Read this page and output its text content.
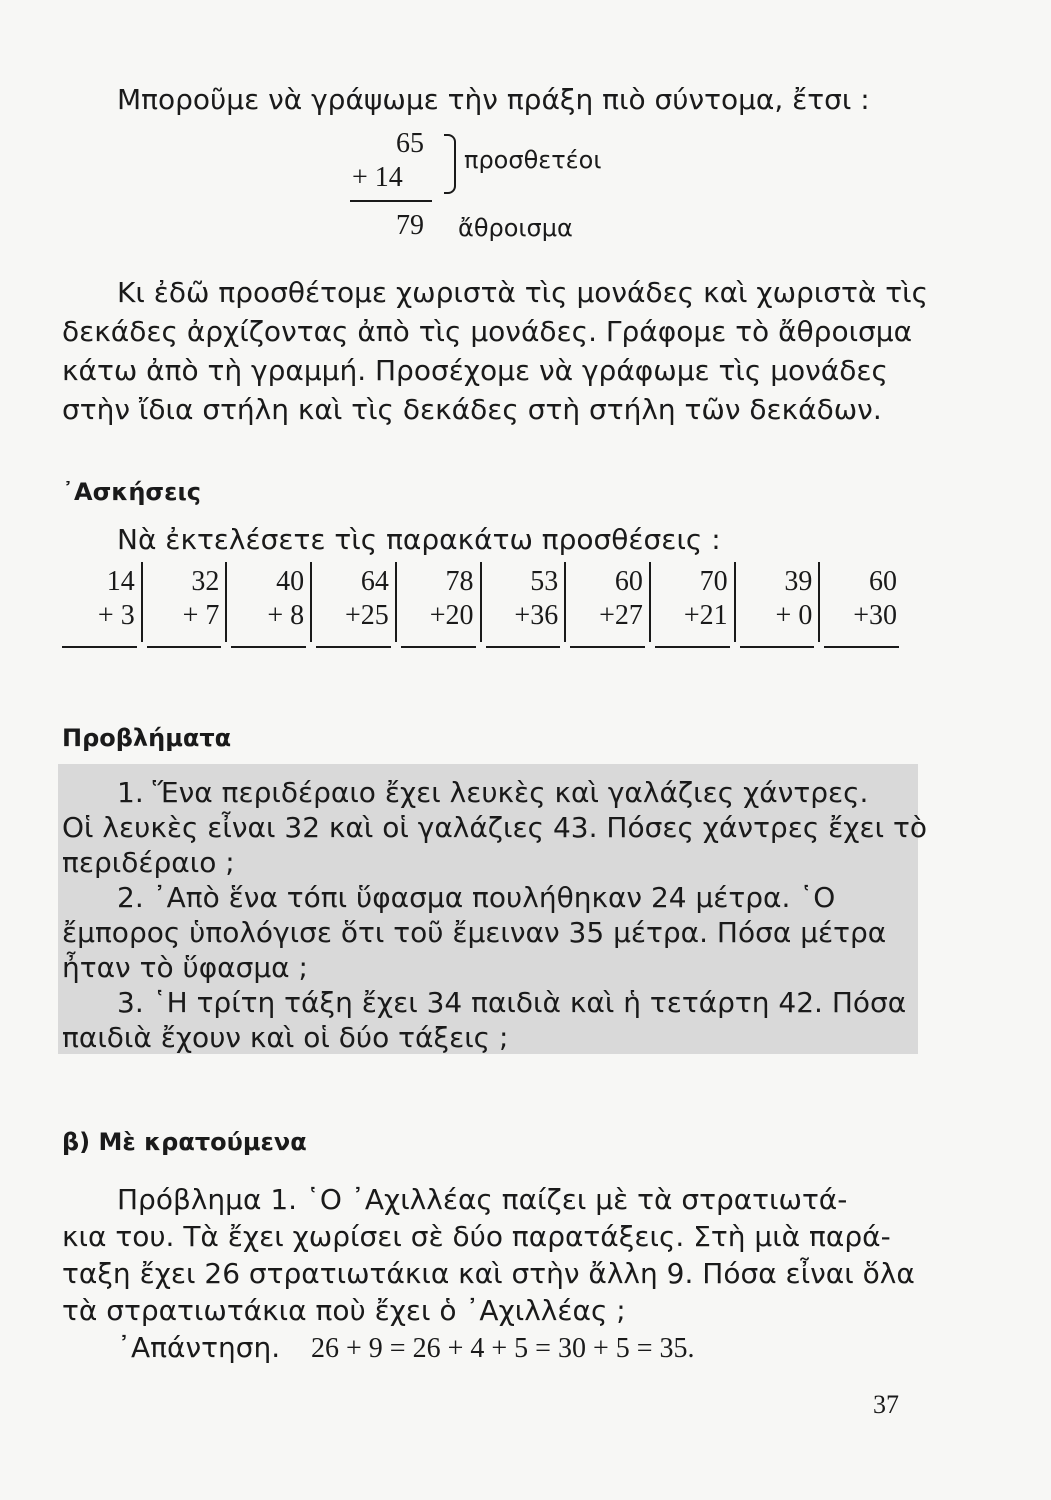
Μποροῦμε νὰ γράψωμε τὴν πράξη πιὸ σύντομα, ἔτσι :
65
+ 14
προσθετέοι
79 ἄθροισμα
Κι ἐδῶ προσθέτομε χωριστὰ τὶς μονάδες καὶ χωριστὰ τὶς
δεκάδες ἀρχίζοντας ἀπὸ τὶς μονάδες. Γράφομε τὸ ἄθροισμα
κάτω ἀπὸ τὴ γραμμή. Προσέχομε νὰ γράφωμε τὶς μονάδες
στὴν ἴδια στήλη καὶ τὶς δεκάδες στὴ στήλη τῶν δεκάδων.
᾿Ασκήσεις
Νὰ ἐκτελέσετε τὶς παρακάτω προσθέσεις :
14
+ 3
32
+ 7
40
+ 8
64
+25
78
+20
53
+36
60
+27
70
+21
39
+ 0
60
+30
Προβλήματα
1. Ἕνα περιδέραιο ἔχει λευκὲς καὶ γαλάζιες χάντρες.
Οἱ λευκὲς εἶναι 32 καὶ οἱ γαλάζιες 43. Πόσες χάντρες ἔχει τὸ
περιδέραιο ;
2. ᾿Απὸ ἕνα τόπι ὕφασμα πουλήθηκαν 24 μέτρα. ῾Ο
ἔμπορος ὑπολόγισε ὅτι τοῦ ἔμειναν 35 μέτρα. Πόσα μέτρα
ἦταν τὸ ὕφασμα ;
3. ῾Η τρίτη τάξη ἔχει 34 παιδιὰ καὶ ἡ τετάρτη 42. Πόσα
παιδιὰ ἔχουν καὶ οἱ δύο τάξεις ;
β) Μὲ κρατούμενα
Πρόβλημα 1. ῾Ο ᾿Αχιλλέας παίζει μὲ τὰ στρατιωτά-
κια του. Τὰ ἔχει χωρίσει σὲ δύο παρατάξεις. Στὴ μιὰ παρά-
ταξη ἔχει 26 στρατιωτάκια καὶ στὴν ἄλλη 9. Πόσα εἶναι ὅλα
τὰ στρατιωτάκια ποὺ ἔχει ὁ ᾿Αχιλλέας ;
᾿Απάντηση. 26 + 9 = 26 + 4 + 5 = 30 + 5 = 35.
37
